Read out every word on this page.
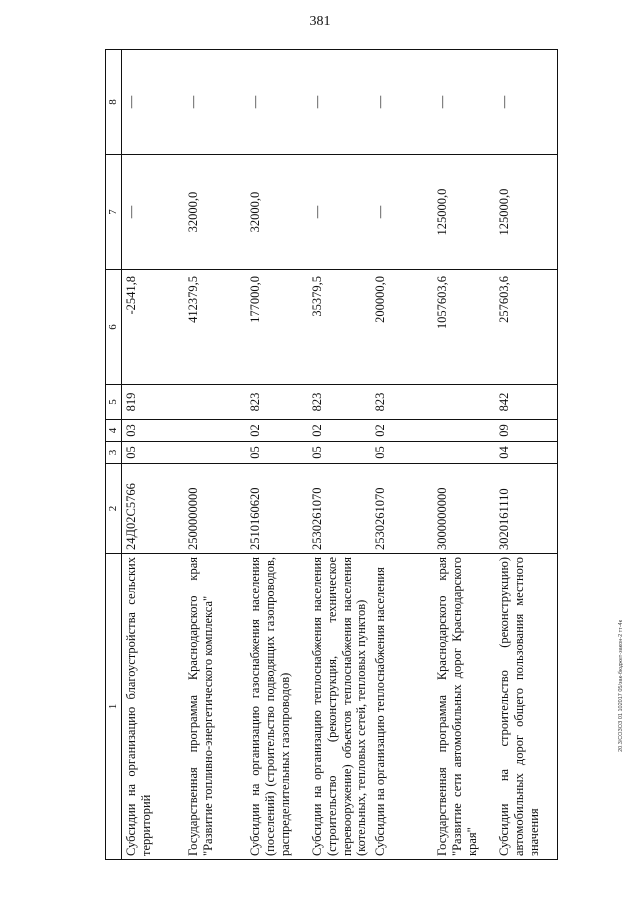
381
1	2	3	4	5	6	7	8
Субсидии на организацию благоустройства сельских территорий	24Д02С5766	05	03	819	-2541,8	—	—
Государственная программа Краснодарского края "Развитие топливно-энергетического комплекса"	2500000000				412379,5	32000,0	—
Субсидии на организацию газоснабжения населения (поселений) (строительство подводящих газопроводов, распределительных газопроводов)	2510160620	05	02	823	177000,0	32000,0	—
Субсидии на организацию теплоснабжения населения (строительство (реконструкция, техническое перевооружение) объектов теплоснабжения населения (котельных, тепловых сетей, тепловых пунктов)	2530261070	05	02	823	35379,5	—	—
Субсидии на организацию теплоснабжения населения	2530261070	05	02	823	200000,0	—	—
Государственная программа Краснодарского края "Развитие сети автомобильных дорог Краснодарского края"	3000000000				1057603,6	125000,0	—
Субсидии на строительство (реконструкцию) автомобильных дорог общего пользования местного значения	3020161110	04	09	842	257603,6	125000,0	—
20.3/СОЗОЗ 01 102017 05/зак-бюджет-закон-2 тт-4к
